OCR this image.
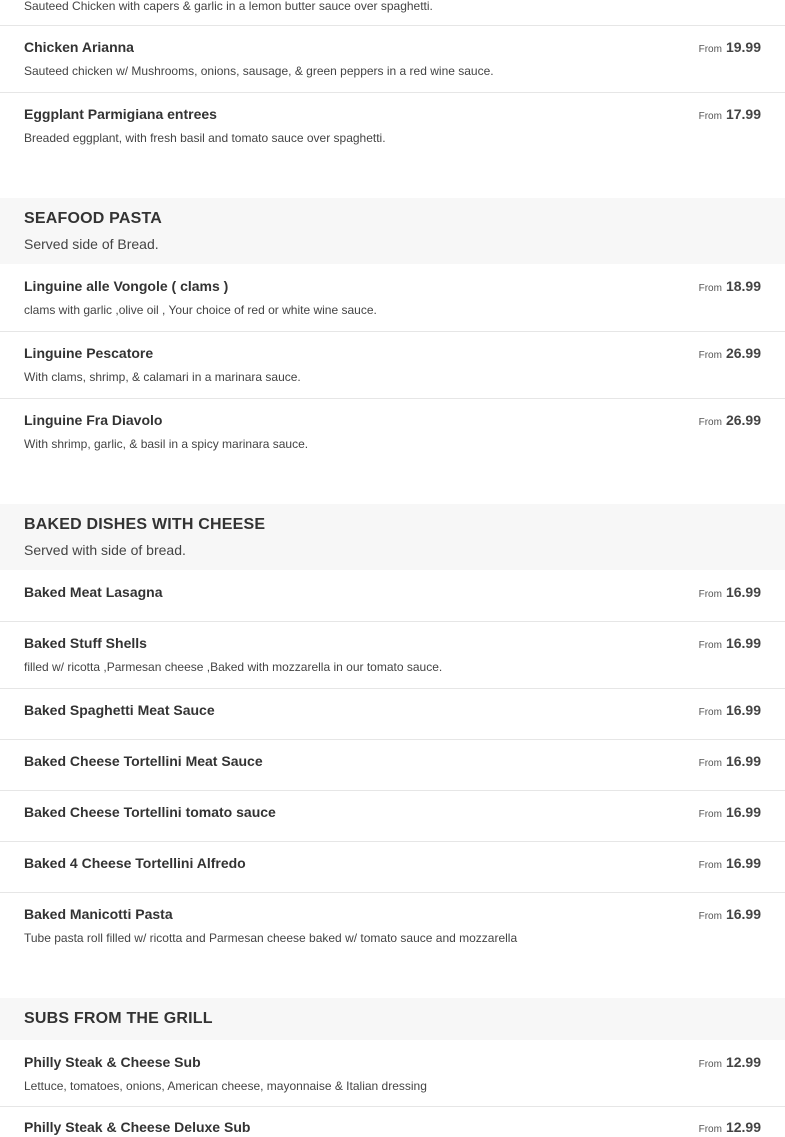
Sauteed Chicken with capers & garlic in a lemon butter sauce over spaghetti.
Chicken Arianna
Sauteed chicken w/ Mushrooms, onions, sausage, & green peppers in a red wine sauce.
From 19.99
Eggplant Parmigiana entrees
Breaded eggplant, with fresh basil and tomato sauce over spaghetti.
From 17.99
SEAFOOD PASTA
Served side of Bread.
Linguine alle Vongole ( clams )
clams with garlic ,olive oil , Your choice of red or white wine sauce.
From 18.99
Linguine Pescatore
With clams, shrimp, & calamari in a marinara sauce.
From 26.99
Linguine Fra Diavolo
With shrimp, garlic, & basil in a spicy marinara sauce.
From 26.99
BAKED DISHES WITH CHEESE
Served with side of bread.
Baked Meat Lasagna	From 16.99
Baked Stuff Shells
filled w/ ricotta ,Parmesan cheese ,Baked with mozzarella in our tomato sauce.
From 16.99
Baked Spaghetti Meat Sauce	From 16.99
Baked Cheese Tortellini Meat Sauce	From 16.99
Baked Cheese Tortellini tomato sauce	From 16.99
Baked 4 Cheese Tortellini Alfredo	From 16.99
Baked Manicotti Pasta
Tube pasta roll filled w/ ricotta and Parmesan cheese baked w/ tomato sauce and mozzarella
From 16.99
SUBS FROM THE GRILL
Philly Steak & Cheese Sub
Lettuce, tomatoes, onions, American cheese, mayonnaise & Italian dressing
From 12.99
Philly Steak & Cheese Deluxe Sub	From 12.99
